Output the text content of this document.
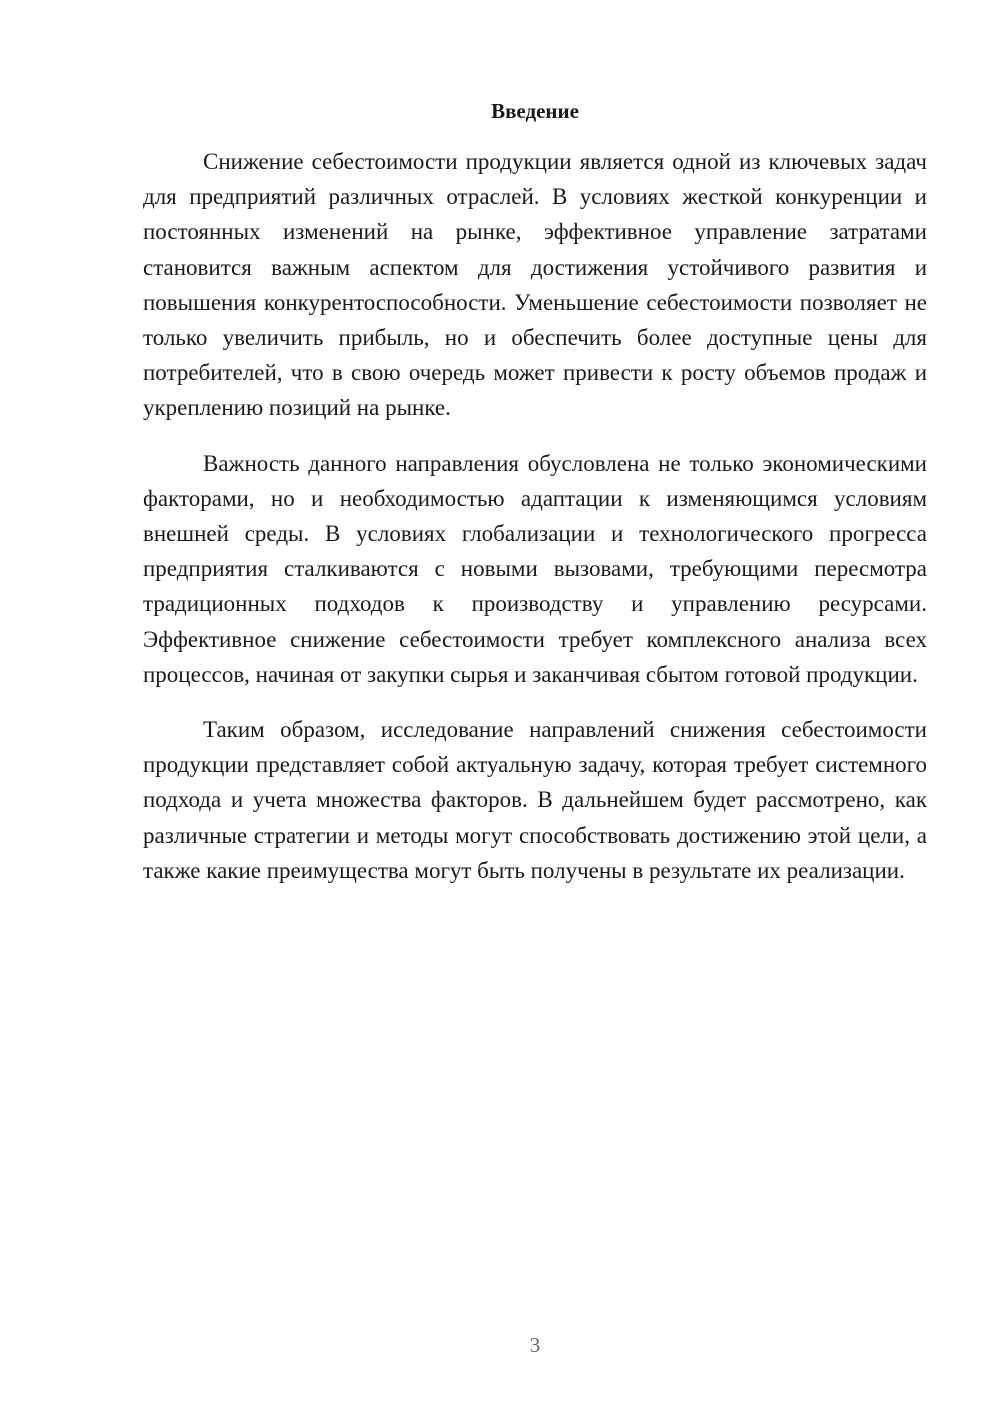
Введение

Снижение себестоимости продукции является одной из ключевых задач для предприятий различных отраслей. В условиях жесткой конкуренции и постоянных изменений на рынке, эффективное управление затратами становится важным аспектом для достижения устойчивого развития и повышения конкурентоспособности. Уменьшение себестоимости позволяет не только увеличить прибыль, но и обеспечить более доступные цены для потребителей, что в свою очередь может привести к росту объемов продаж и укреплению позиций на рынке.

Важность данного направления обусловлена не только экономическими факторами, но и необходимостью адаптации к изменяющимся условиям внешней среды. В условиях глобализации и технологического прогресса предприятия сталкиваются с новыми вызовами, требующими пересмотра традиционных подходов к производству и управлению ресурсами. Эффективное снижение себестоимости требует комплексного анализа всех процессов, начиная от закупки сырья и заканчивая сбытом готовой продукции.

Таким образом, исследование направлений снижения себестоимости продукции представляет собой актуальную задачу, которая требует системного подхода и учета множества факторов. В дальнейшем будет рассмотрено, как различные стратегии и методы могут способствовать достижению этой цели, а также какие преимущества могут быть получены в результате их реализации.

3
